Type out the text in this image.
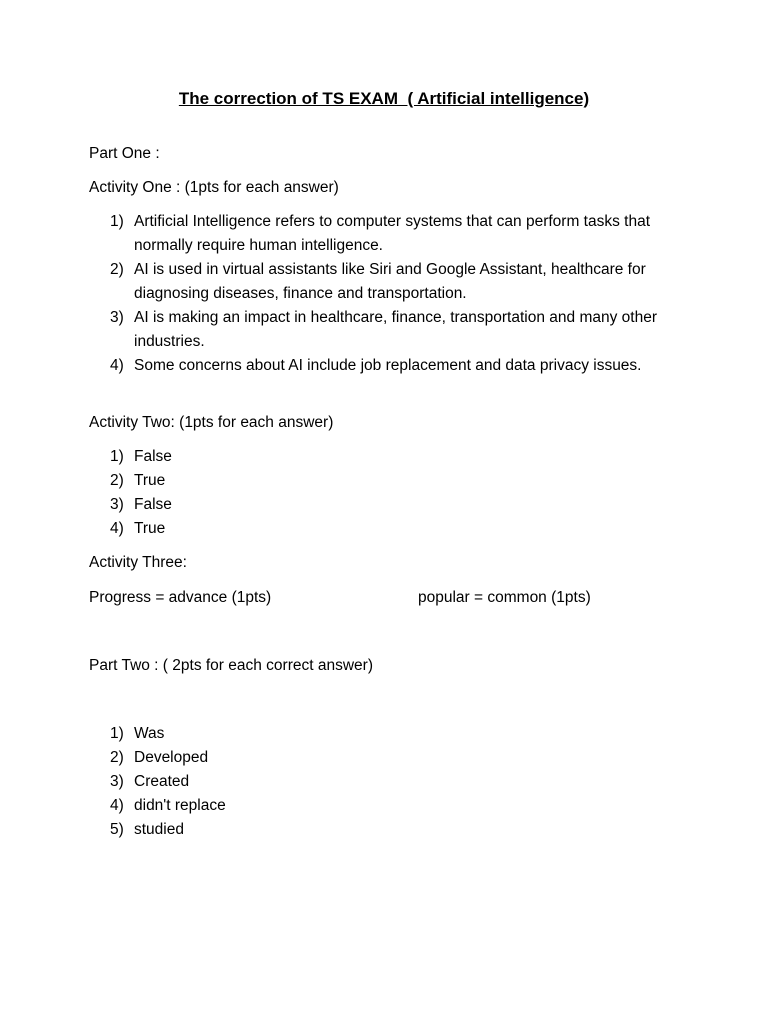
The correction of TS EXAM  ( Artificial intelligence)
Part One :
Activity One : (1pts for each answer)
1) Artificial Intelligence refers to computer systems that can perform tasks that normally require human intelligence.
2) AI is used in virtual assistants like Siri and Google Assistant, healthcare for diagnosing diseases, finance and transportation.
3) AI is making an impact in healthcare, finance, transportation and many other industries.
4) Some concerns about AI include job replacement and data privacy issues.
Activity Two: (1pts for each answer)
1) False
2) True
3) False
4) True
Activity Three:
Progress = advance (1pts)	popular = common (1pts)
Part Two : ( 2pts for each correct answer)
1) Was
2) Developed
3) Created
4) didn't replace
5) studied
